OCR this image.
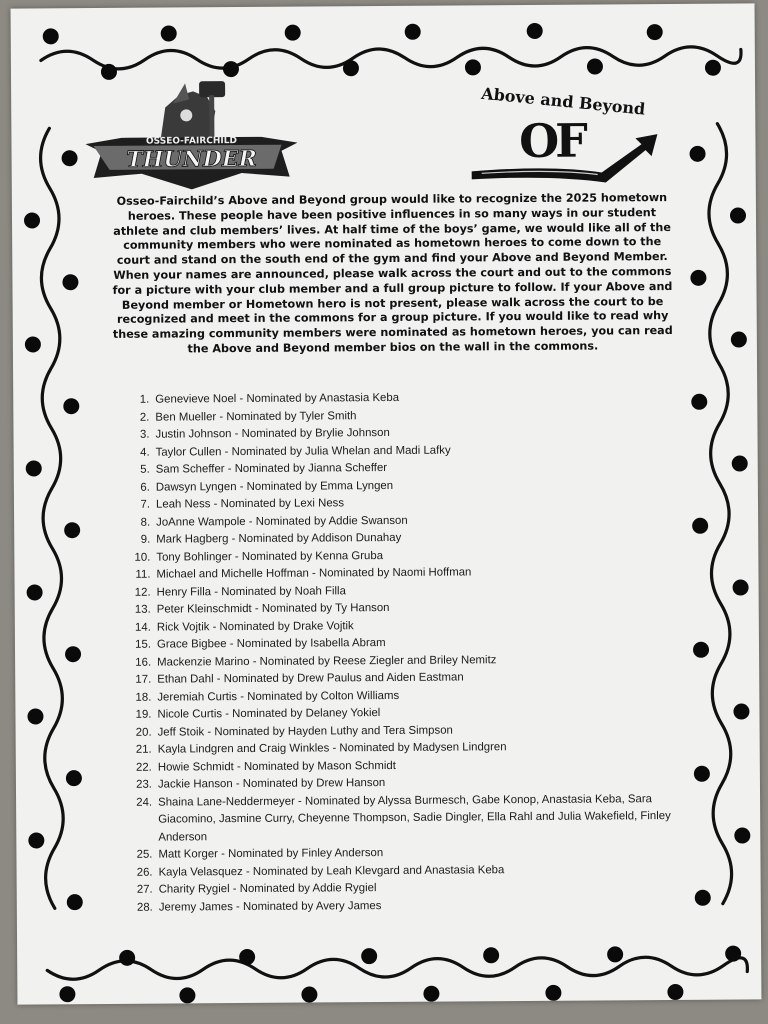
OSSEO-FAIRCHILD
THUNDER
Above and Beyond
OF

Osseo-Fairchild’s Above and Beyond group would like to recognize the 2025 hometown heroes. These people have been positive influences in so many ways in our student athlete and club members’ lives. At half time of the boys’ game, we would like all of the community members who were nominated as hometown heroes to come down to the court and stand on the south end of the gym and find your Above and Beyond Member. When your names are announced, please walk across the court and out to the commons for a picture with your club member and a full group picture to follow. If your Above and Beyond member or Hometown hero is not present, please walk across the court to be recognized and meet in the commons for a group picture. If you would like to read why these amazing community members were nominated as hometown heroes, you can read the Above and Beyond member bios on the wall in the commons.

1. Genevieve Noel - Nominated by Anastasia Keba
2. Ben Mueller - Nominated by Tyler Smith
3. Justin Johnson - Nominated by Brylie Johnson
4. Taylor Cullen - Nominated by Julia Whelan and Madi Lafky
5. Sam Scheffer - Nominated by Jianna Scheffer
6. Dawsyn Lyngen - Nominated by Emma Lyngen
7. Leah Ness - Nominated by Lexi Ness
8. JoAnne Wampole - Nominated by Addie Swanson
9. Mark Hagberg - Nominated by Addison Dunahay
10. Tony Bohlinger - Nominated by Kenna Gruba
11. Michael and Michelle Hoffman - Nominated by Naomi Hoffman
12. Henry Filla - Nominated by Noah Filla
13. Peter Kleinschmidt - Nominated by Ty Hanson
14. Rick Vojtik - Nominated by Drake Vojtik
15. Grace Bigbee - Nominated by Isabella Abram
16. Mackenzie Marino - Nominated by Reese Ziegler and Briley Nemitz
17. Ethan Dahl - Nominated by Drew Paulus and Aiden Eastman
18. Jeremiah Curtis - Nominated by Colton Williams
19. Nicole Curtis - Nominated by Delaney Yokiel
20. Jeff Stoik - Nominated by Hayden Luthy and Tera Simpson
21. Kayla Lindgren and Craig Winkles - Nominated by Madysen Lindgren
22. Howie Schmidt - Nominated by Mason Schmidt
23. Jackie Hanson - Nominated by Drew Hanson
24. Shaina Lane-Neddermeyer - Nominated by Alyssa Burmesch, Gabe Konop, Anastasia Keba, Sara Giacomino, Jasmine Curry, Cheyenne Thompson, Sadie Dingler, Ella Rahl and Julia Wakefield, Finley Anderson
25. Matt Korger - Nominated by Finley Anderson
26. Kayla Velasquez - Nominated by Leah Klevgard and Anastasia Keba
27. Charity Rygiel - Nominated by Addie Rygiel
28. Jeremy James - Nominated by Avery James
